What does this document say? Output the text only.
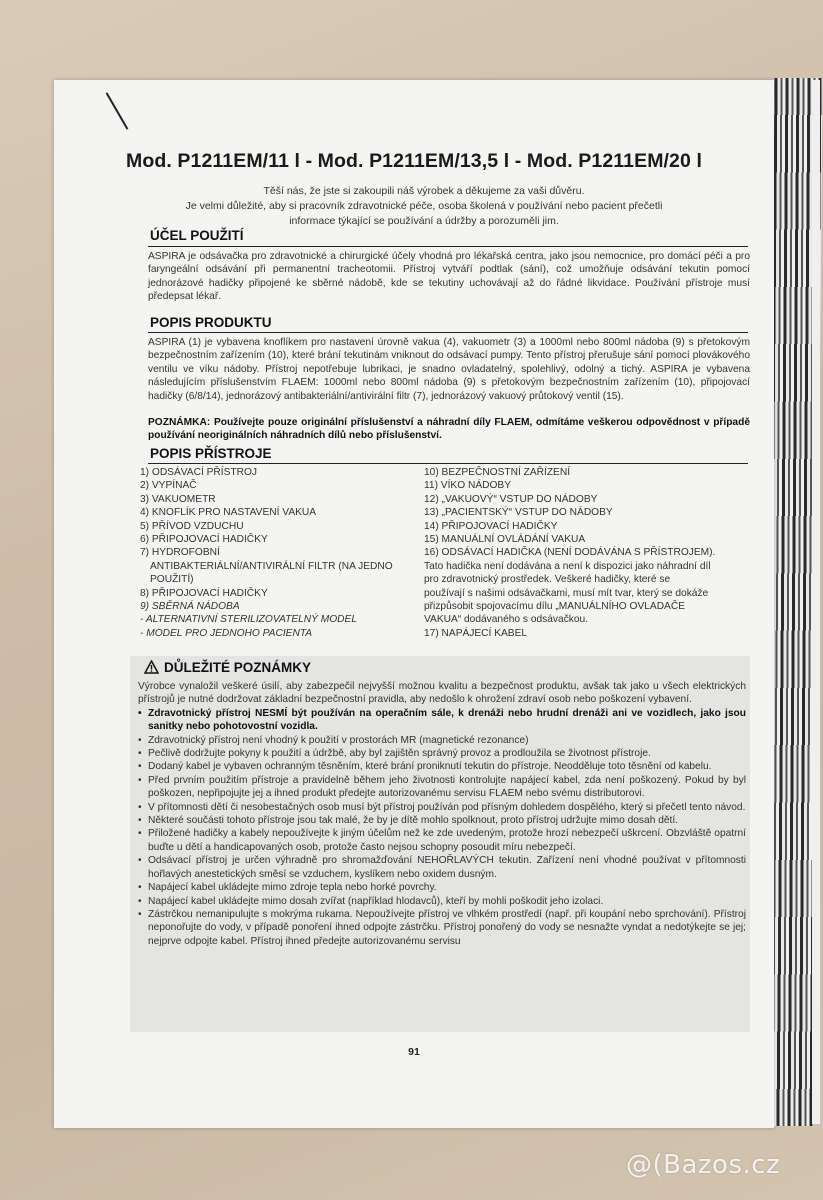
Mod. P1211EM/11 l - Mod. P1211EM/13,5 l - Mod. P1211EM/20 l
Těší nás, že jste si zakoupili náš výrobek a děkujeme za vaši důvěru.
Je velmi důležité, aby si pracovník zdravotnické péče, osoba školená v používání nebo pacient přečetli
informace týkající se používání a údržby a porozuměli jim.
ÚČEL POUŽITÍ
ASPIRA je odsávačka pro zdravotnické a chirurgické účely vhodná pro lékařská centra, jako jsou nemocnice, pro domácí péči a pro faryngeální odsávání při permanentní tracheotomii. Přístroj vytváří podtlak (sání), což umožňuje odsávání tekutin pomocí jednorázové hadičky připojené ke sběrné nádobě, kde se tekutiny uchovávají až do řádné likvidace. Používání přístroje musí předepsat lékař.
POPIS PRODUKTU
ASPIRA (1) je vybavena knoflíkem pro nastavení úrovně vakua (4), vakuometr (3) a 1000ml nebo 800ml nádoba (9) s přetokovým bezpečnostním zařízením (10), které brání tekutinám vniknout do odsávací pumpy. Tento přístroj přerušuje sání pomocí plovákového ventilu ve víku nádoby. Přístroj nepotřebuje lubrikaci, je snadno ovladatelný, spolehlivý, odolný a tichý. ASPIRA je vybavena následujícím příslušenstvím FLAEM: 1000ml nebo 800ml nádoba (9) s přetokovým bezpečnostním zařízením (10), připojovací hadičky (6/8/14), jednorázový antibakteriální/antivirální filtr (7), jednorázový vakuový průtokový ventil (15).
POZNÁMKA: Používejte pouze originální příslušenství a náhradní díly FLAEM, odmítáme veškerou odpovědnost v případě používání neoriginálních náhradních dílů nebo příslušenství.
POPIS PŘÍSTROJE
1) ODSÁVACÍ PŘÍSTROJ
2) VYPÍNAČ
3) VAKUOMETR
4) KNOFLÍK PRO NASTAVENÍ VAKUA
5) PŘÍVOD VZDUCHU
6) PŘIPOJOVACÍ HADIČKY
7) HYDROFOBNÍ
ANTIBAKTERIÁLNÍ/ANTIVIRÁLNÍ FILTR (NA JEDNO
POUŽITÍ)
8) PŘIPOJOVACÍ HADIČKY
9) SBĚRNÁ NÁDOBA
- ALTERNATIVNÍ STERILIZOVATELNÝ MODEL
- MODEL PRO JEDNOHO PACIENTA
10) BEZPEČNOSTNÍ ZAŘÍZENÍ
11) VÍKO NÁDOBY
12) „VAKUOVÝ“ VSTUP DO NÁDOBY
13) „PACIENTSKÝ“ VSTUP DO NÁDOBY
14) PŘIPOJOVACÍ HADIČKY
15) MANUÁLNÍ OVLÁDÁNÍ VAKUA
16) ODSÁVACÍ HADIČKA (NENÍ DODÁVÁNA S PŘÍSTROJEM).
Tato hadička není dodávána a není k dispozici jako náhradní díl
pro zdravotnický prostředek. Veškeré hadičky, které se
používají s našimi odsávačkami, musí mít tvar, který se dokáže
přizpůsobit spojovacímu dílu „MANUÁLNÍHO OVLADAČE
VAKUA“ dodávaného s odsávačkou.
17) NAPÁJECÍ KABEL
DŮLEŽITÉ POZNÁMKY
Výrobce vynaložil veškeré úsilí, aby zabezpečil nejvyšší možnou kvalitu a bezpečnost produktu, avšak tak jako u všech elektrických přístrojů je nutné dodržovat základní bezpečnostní pravidla, aby nedošlo k ohrožení zdraví osob nebo poškození vybavení.
• Zdravotnický přístroj NESMÍ být používán na operačním sále, k drenáži nebo hrudní drenáži ani ve vozidlech, jako jsou sanitky nebo pohotovostní vozidla.
• Zdravotnický přístroj není vhodný k použití v prostorách MR (magnetické rezonance)
• Pečlivě dodržujte pokyny k použití a údržbě, aby byl zajištěn správný provoz a prodloužila se životnost přístroje.
• Dodaný kabel je vybaven ochranným těsněním, které brání proniknutí tekutin do přístroje. Neodděluje toto těsnění od kabelu.
• Před prvním použitím přístroje a pravidelně během jeho životnosti kontrolujte napájecí kabel, zda není poškozený. Pokud by byl poškozen, nepřipojujte jej a ihned produkt předejte autorizovanému servisu FLAEM nebo svému distributorovi.
• V přítomnosti dětí či nesobestačných osob musí být přístroj používán pod přísným dohledem dospělého, který si přečetl tento návod.
• Některé součásti tohoto přístroje jsou tak malé, že by je dítě mohlo spolknout, proto přístroj udržujte mimo dosah dětí.
• Přiložené hadičky a kabely nepoužívejte k jiným účelům než ke zde uvedeným, protože hrozí nebezpečí uškrcení. Obzvláště opatrní buďte u dětí a handicapovaných osob, protože často nejsou schopny posoudit míru nebezpečí.
• Odsávací přístroj je určen výhradně pro shromažďování NEHOŘLAVÝCH tekutin. Zařízení není vhodné používat v přítomnosti hořlavých anestetických směsí se vzduchem, kyslíkem nebo oxidem dusným.
• Napájecí kabel ukládejte mimo zdroje tepla nebo horké povrchy.
• Napájecí kabel ukládejte mimo dosah zvířat (například hlodavců), kteří by mohli poškodit jeho izolaci.
• Zástrčkou nemanipulujte s mokrýma rukama. Nepoužívejte přístroj ve vlhkém prostředí (např. při koupání nebo sprchování). Přístroj neponořujte do vody, v případě ponoření ihned odpojte zástrčku. Přístroj ponořený do vody se nesnažte vyndat a nedotýkejte se jej; nejprve odpojte kabel. Přístroj ihned předejte autorizovanému servisu
91
@(Bazos.cz
